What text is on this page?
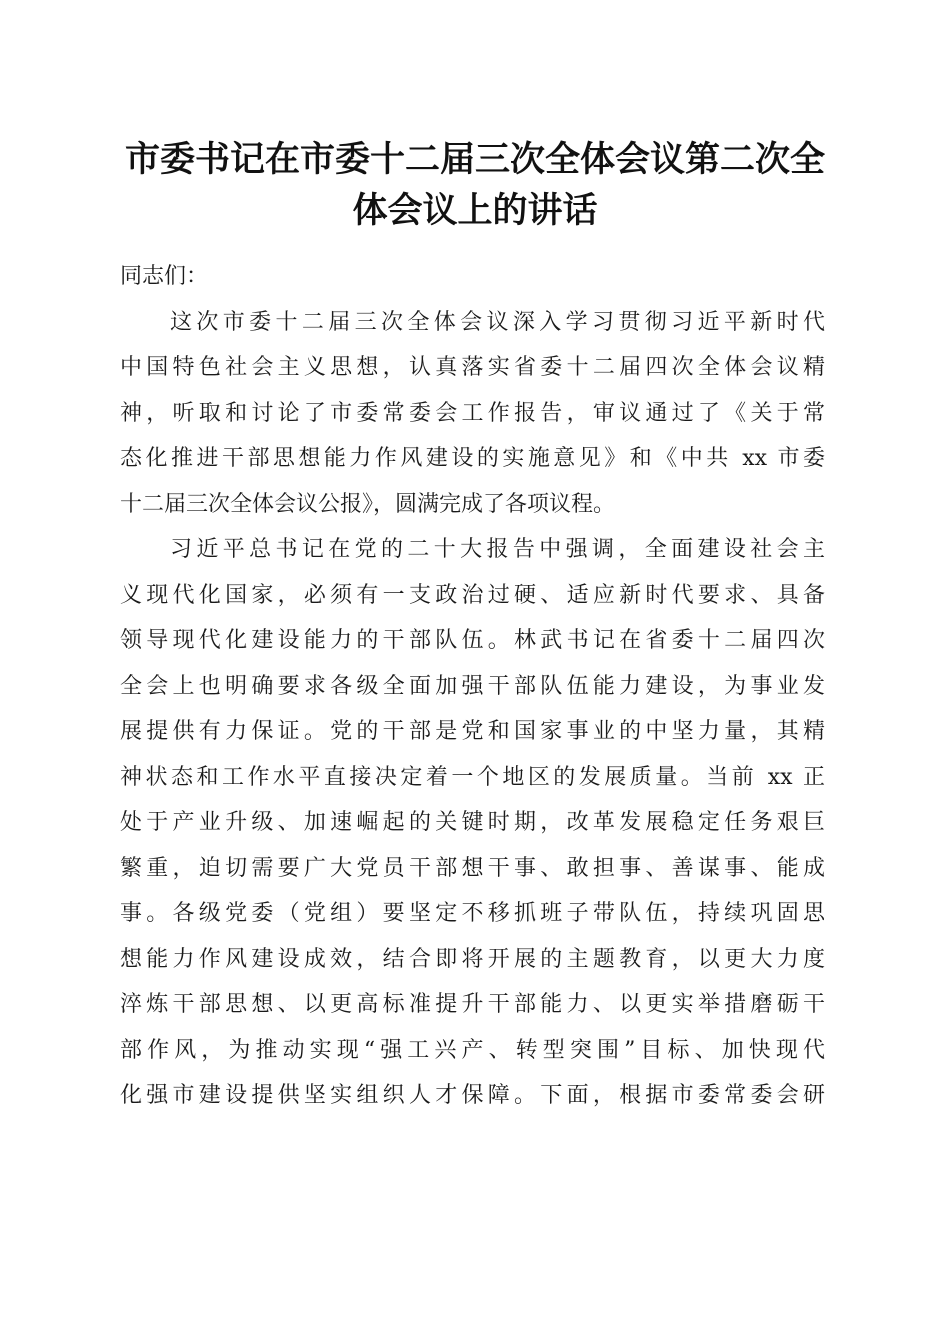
市委书记在市委十二届三次全体会议第二次全
体会议上的讲话
同志们：
这次市委十二届三次全体会议深入学习贯彻习近平新时代
中国特色社会主义思想，认真落实省委十二届四次全体会议精
神，听取和讨论了市委常委会工作报告，审议通过了《关于常
态化推进干部思想能力作风建设的实施意见》和《中共 xx 市委
十二届三次全体会议公报》，圆满完成了各项议程。
习近平总书记在党的二十大报告中强调，全面建设社会主
义现代化国家，必须有一支政治过硬、适应新时代要求、具备
领导现代化建设能力的干部队伍。林武书记在省委十二届四次
全会上也明确要求各级全面加强干部队伍能力建设，为事业发
展提供有力保证。党的干部是党和国家事业的中坚力量，其精
神状态和工作水平直接决定着一个地区的发展质量。当前 xx 正
处于产业升级、加速崛起的关键时期，改革发展稳定任务艰巨
繁重，迫切需要广大党员干部想干事、敢担事、善谋事、能成
事。各级党委（党组）要坚定不移抓班子带队伍，持续巩固思
想能力作风建设成效，结合即将开展的主题教育，以更大力度
淬炼干部思想、以更高标准提升干部能力、以更实举措磨砺干
部作风，为推动实现“强工兴产、转型突围”目标、加快现代
化强市建设提供坚实组织人才保障。下面，根据市委常委会研
